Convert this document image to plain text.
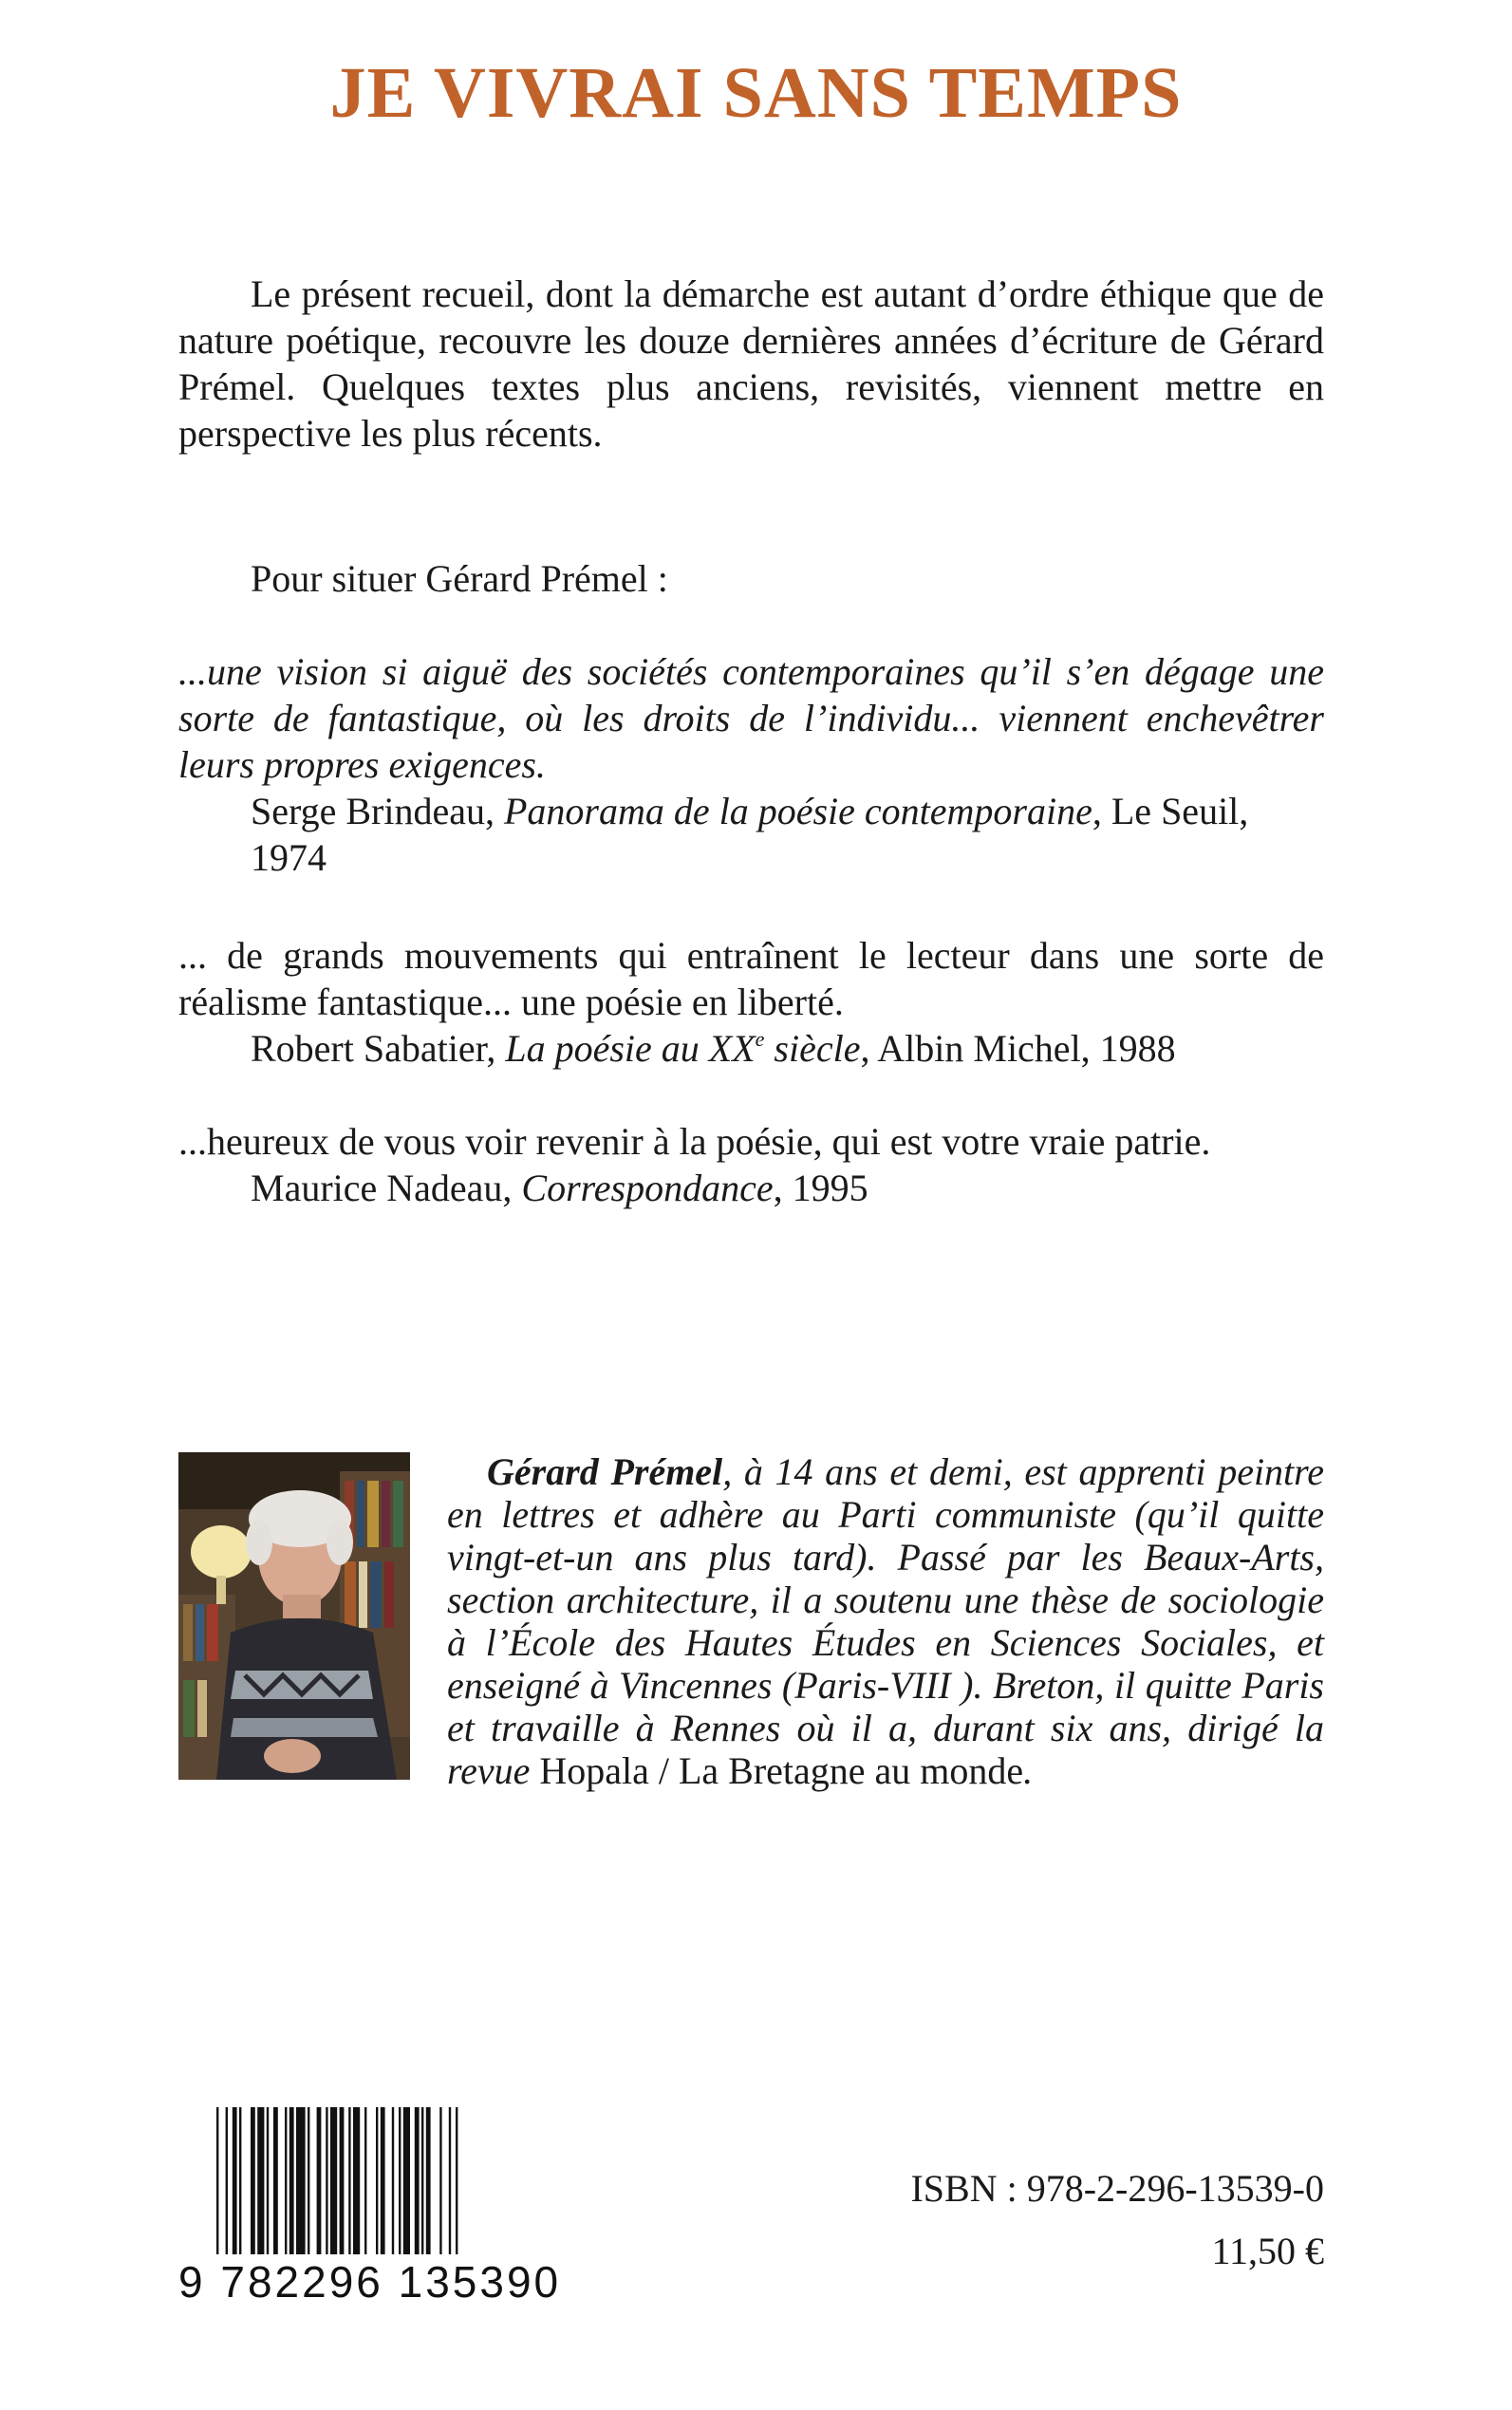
JE VIVRAI SANS TEMPS

Le présent recueil, dont la démarche est autant d’ordre éthique que de nature poétique, recouvre les douze dernières années d’écriture de Gérard Prémel. Quelques textes plus anciens, revisités, viennent mettre en perspective les plus récents.

Pour situer Gérard Prémel :

...une vision si aiguë des sociétés contemporaines qu’il s’en dégage une sorte de fantastique, où les droits de l’individu... viennent enchevêtrer leurs propres exigences.

Serge Brindeau, Panorama de la poésie contemporaine, Le Seuil, 1974

... de grands mouvements qui entraînent le lecteur dans une sorte de réalisme fantastique... une poésie en liberté.

Robert Sabatier, La poésie au XXe siècle, Albin Michel, 1988

...heureux de vous voir revenir à la poésie, qui est votre vraie patrie.

Maurice Nadeau, Correspondance, 1995

Gérard Prémel, à 14 ans et demi, est apprenti peintre en lettres et adhère au Parti communiste (qu’il quitte vingt-et-un ans plus tard). Passé par les Beaux-Arts, section architecture, il a soutenu une thèse de sociologie à l’École des Hautes Études en Sciences Sociales, et enseigné à Vincennes (Paris-VIII ). Breton, il quitte Paris et travaille à Rennes où il a, durant six ans, dirigé la revue Hopala / La Bretagne au monde.
9 782296 135390
ISBN : 978-2-296-13539-0
11,50 €
